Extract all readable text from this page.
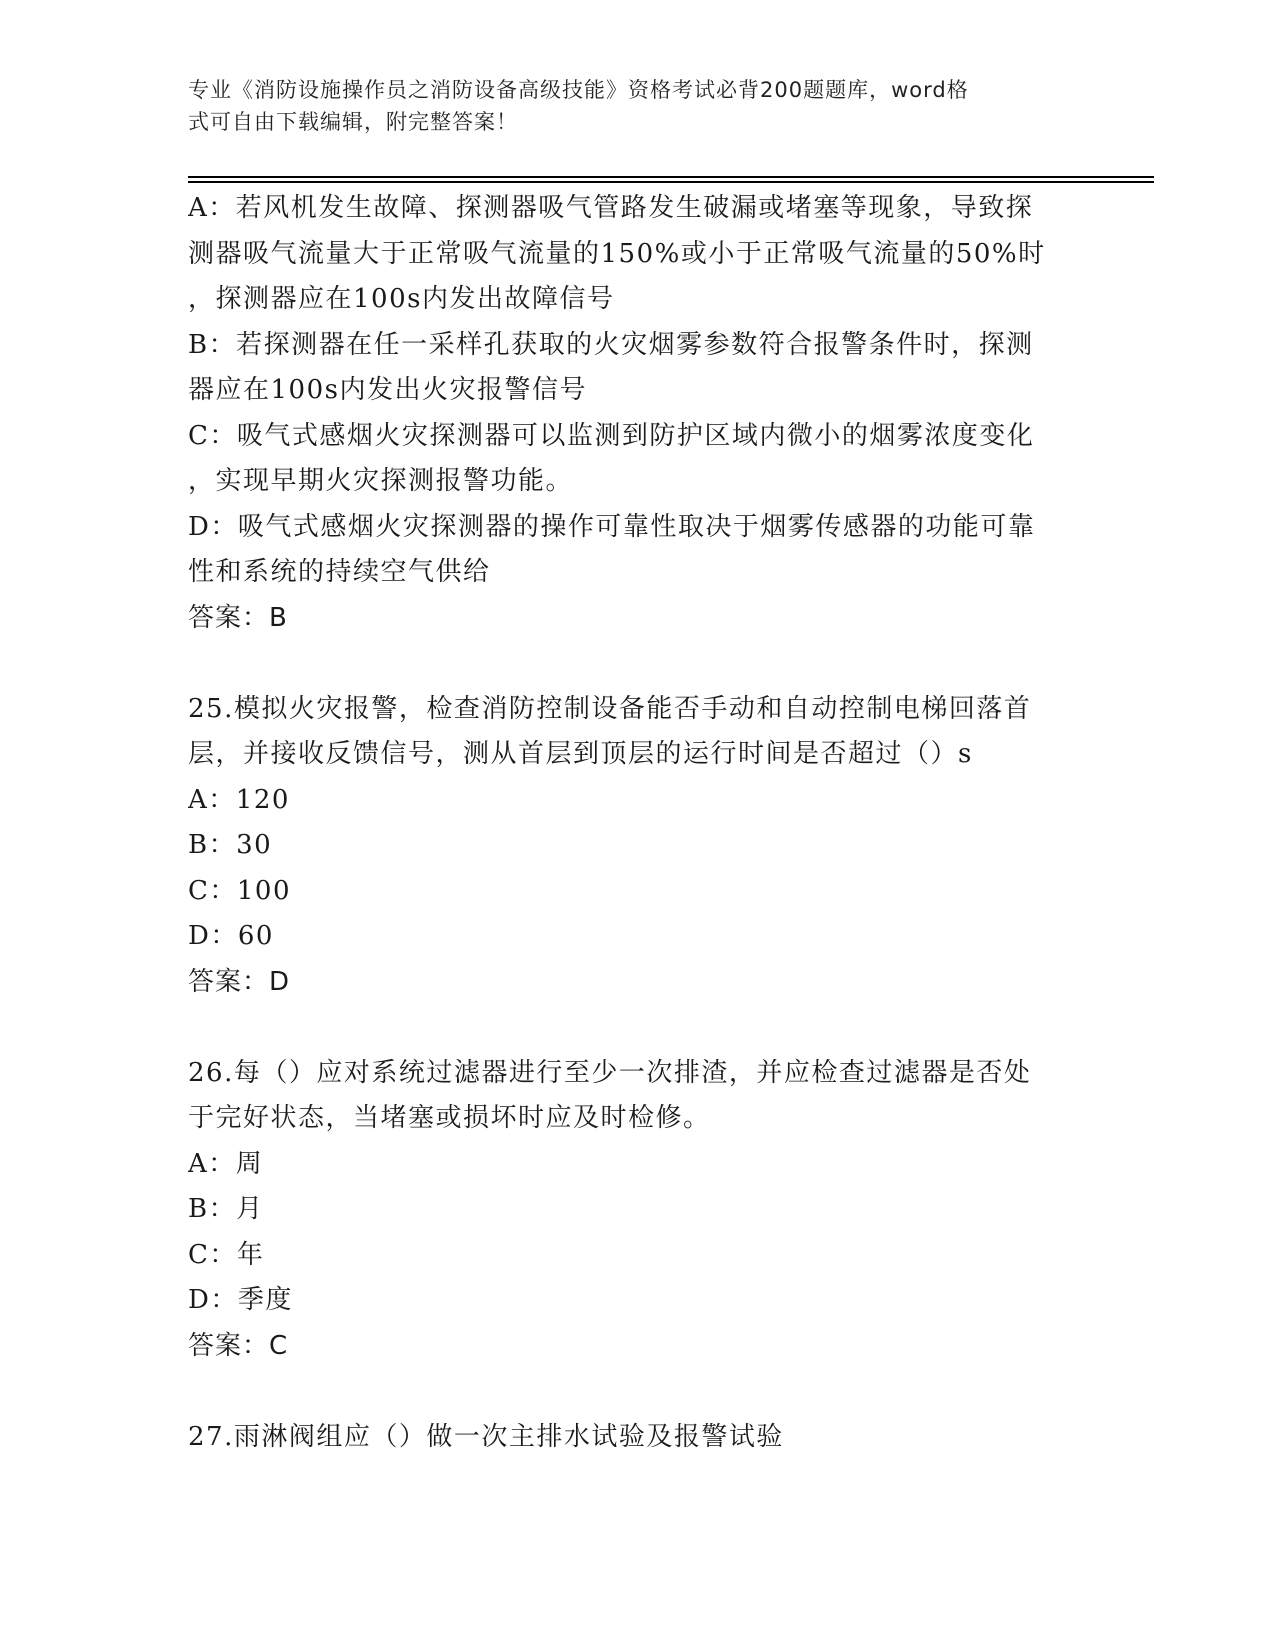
专业《消防设施操作员之消防设备高级技能》资格考试必背200题题库，word格
式可自由下载编辑，附完整答案！
A：若风机发生故障、探测器吸气管路发生破漏或堵塞等现象，导致探
测器吸气流量大于正常吸气流量的150%或小于正常吸气流量的50%时
，探测器应在100s内发出故障信号
B：若探测器在任一采样孔获取的火灾烟雾参数符合报警条件时，探测
器应在100s内发出火灾报警信号
C：吸气式感烟火灾探测器可以监测到防护区域内微小的烟雾浓度变化
，实现早期火灾探测报警功能。
D：吸气式感烟火灾探测器的操作可靠性取决于烟雾传感器的功能可靠
性和系统的持续空气供给
答案：B
25.模拟火灾报警，检查消防控制设备能否手动和自动控制电梯回落首
层，并接收反馈信号，测从首层到顶层的运行时间是否超过（）s
A：120
B：30
C：100
D：60
答案：D
26.每（）应对系统过滤器进行至少一次排渣，并应检查过滤器是否处
于完好状态，当堵塞或损坏时应及时检修。
A：周
B：月
C：年
D：季度
答案：C
27.雨淋阀组应（）做一次主排水试验及报警试验
